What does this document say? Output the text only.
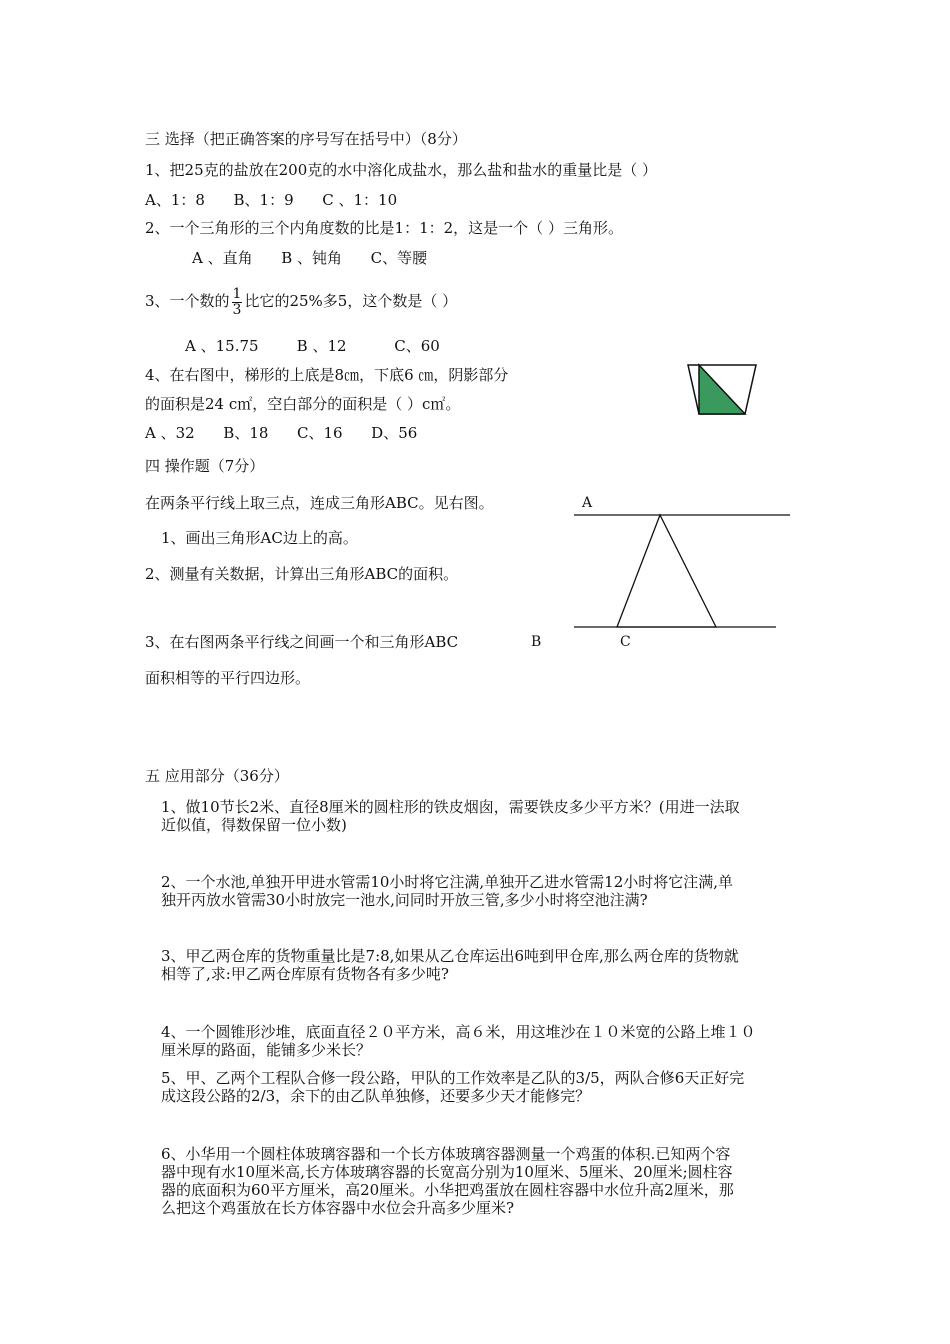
三 选择（把正确答案的序号写在括号中）（8分）
1、把25克的盐放在200克的水中溶化成盐水，那么盐和盐水的重量比是（ ）
A、1：8      B、1：9      C 、1：10
2、一个三角形的三个内角度数的比是1：1：2，这是一个（ ）三角形。
A 、直角      B 、钝角      C、等腰
3、一个数的 $\frac{1}{3}$ 比它的25%多5，这个数是（ ）
A 、15.75        B 、12          C、60
4、在右图中，梯形的上底是8㎝，下底6 ㎝，阴影部分
的面积是24 c㎡，空白部分的面积是（ ）c㎡。
A 、32      B、18      C、16      D、56
四 操作题（7分）
在两条平行线上取三点，连成三角形ABC。见右图。
1、画出三角形AC边上的高。
2、测量有关数据，计算出三角形ABC的面积。
3、在右图两条平行线之间画一个和三角形ABC
面积相等的平行四边形。
A
B	C
五 应用部分（36分）
1、做10节长2米、直径8厘米的圆柱形的铁皮烟囱，需要铁皮多少平方米？(用进一法取
近似值，得数保留一位小数)
2、一个水池,单独开甲进水管需10小时将它注满,单独开乙进水管需12小时将它注满,单
独开丙放水管需30小时放完一池水,问同时开放三管,多少小时将空池注满?
3、甲乙两仓库的货物重量比是7:8,如果从乙仓库运出6吨到甲仓库,那么两仓库的货物就
相等了,求:甲乙两仓库原有货物各有多少吨?
4、一个圆锥形沙堆，底面直径２０平方米，高６米，用这堆沙在１０米宽的公路上堆１０
厘米厚的路面，能铺多少米长？
5、甲、乙两个工程队合修一段公路，甲队的工作效率是乙队的3/5，两队合修6天正好完
成这段公路的2/3，余下的由乙队单独修，还要多少天才能修完？
6、小华用一个圆柱体玻璃容器和一个长方体玻璃容器测量一个鸡蛋的体积.已知两个容
器中现有水10厘米高,长方体玻璃容器的长宽高分别为10厘米、5厘米、20厘米;圆柱容
器的底面积为60平方厘米，高20厘米。小华把鸡蛋放在圆柱容器中水位升高2厘米，那
么把这个鸡蛋放在长方体容器中水位会升高多少厘米?
